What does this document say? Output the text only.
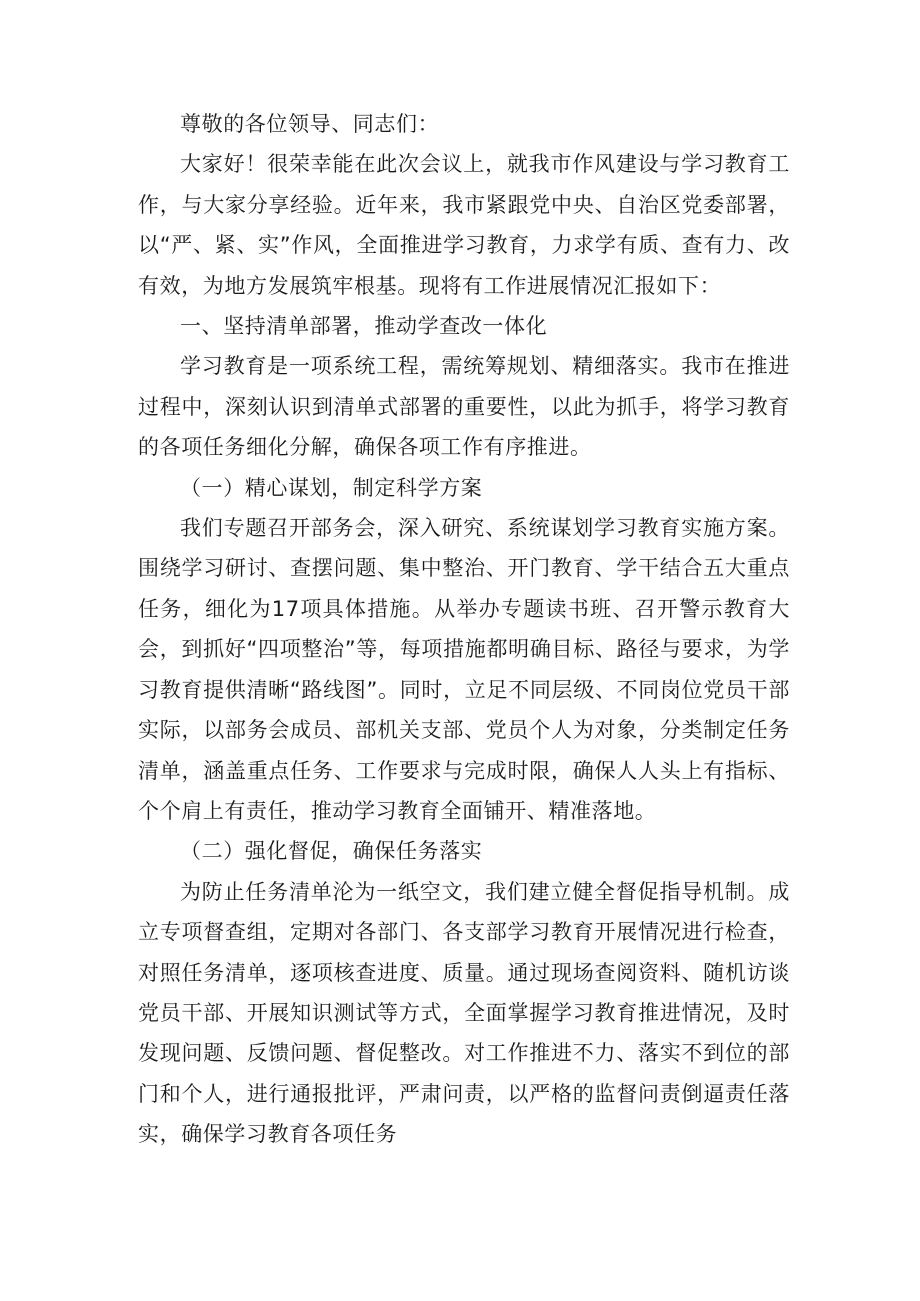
尊敬的各位领导、同志们：

大家好！很荣幸能在此次会议上，就我市作风建设与学习教育工作，与大家分享经验。近年来，我市紧跟党中央、自治区党委部署，以“严、紧、实”作风，全面推进学习教育，力求学有质、查有力、改有效，为地方发展筑牢根基。现将有工作进展情况汇报如下：

一、坚持清单部署，推动学查改一体化

学习教育是一项系统工程，需统筹规划、精细落实。我市在推进过程中，深刻认识到清单式部署的重要性，以此为抓手，将学习教育的各项任务细化分解，确保各项工作有序推进。

（一）精心谋划，制定科学方案

我们专题召开部务会，深入研究、系统谋划学习教育实施方案。围绕学习研讨、查摆问题、集中整治、开门教育、学干结合五大重点任务，细化为17项具体措施。从举办专题读书班、召开警示教育大会，到抓好“四项整治”等，每项措施都明确目标、路径与要求，为学习教育提供清晰“路线图”。同时，立足不同层级、不同岗位党员干部实际，以部务会成员、部机关支部、党员个人为对象，分类制定任务清单，涵盖重点任务、工作要求与完成时限，确保人人头上有指标、个个肩上有责任，推动学习教育全面铺开、精准落地。

（二）强化督促，确保任务落实

为防止任务清单沦为一纸空文，我们建立健全督促指导机制。成立专项督查组，定期对各部门、各支部学习教育开展情况进行检查，对照任务清单，逐项核查进度、质量。通过现场查阅资料、随机访谈党员干部、开展知识测试等方式，全面掌握学习教育推进情况，及时发现问题、反馈问题、督促整改。对工作推进不力、落实不到位的部门和个人，进行通报批评，严肃问责，以严格的监督问责倒逼责任落实，确保学习教育各项任务
